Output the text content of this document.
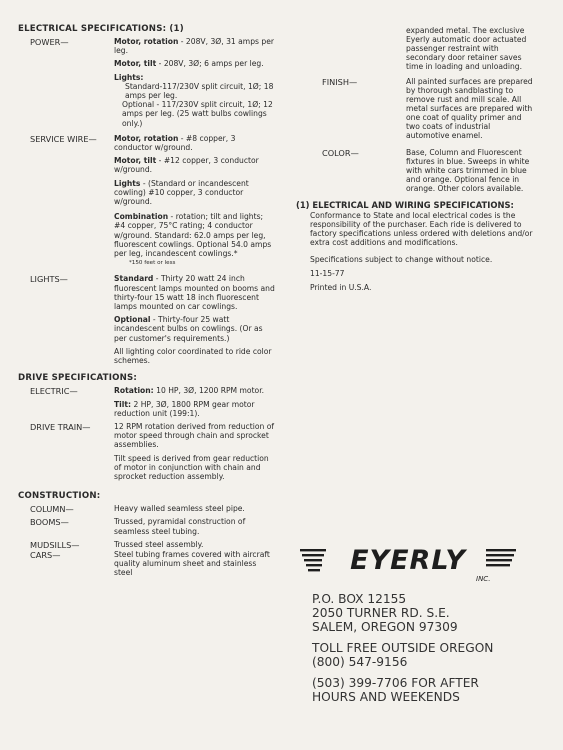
ELECTRICAL SPECIFICATIONS: (1)
POWER—	Motor, rotation - 208V, 3Ø, 31 amps per leg.
Motor, tilt - 208V, 3Ø; 6 amps per leg.
Lights:
Standard-117/230V split circuit, 1Ø; 18 amps per leg.
Optional - 117/230V split circuit, 1Ø; 12 amps per leg. (25 watt bulbs cowlings only.)
SERVICE WIRE—	Motor, rotation - #8 copper, 3 conductor w/ground.
Motor, tilt - #12 copper, 3 conductor w/ground.
Lights - (Standard or incandescent cowling) #10 copper, 3 conductor w/ground.
Combination - rotation; tilt and lights; #4 copper, 75°C rating; 4 conductor w/ground. Standard: 62.0 amps per leg, fluorescent cowlings. Optional 54.0 amps per leg, incandescent cowlings.*
*150 feet or less
LIGHTS—	Standard - Thirty 20 watt 24 inch fluorescent lamps mounted on booms and thirty-four 15 watt 18 inch fluorescent lamps mounted on car cowlings.
Optional - Thirty-four 25 watt incandescent bulbs on cowlings. (Or as per customer's requirements.)
All lighting color coordinated to ride color schemes.
DRIVE SPECIFICATIONS:
ELECTRIC—	Rotation: 10 HP, 3Ø, 1200 RPM motor.
Tilt: 2 HP, 3Ø, 1800 RPM gear motor reduction unit (199:1).
DRIVE TRAIN—	12 RPM rotation derived from reduction of motor speed through chain and sprocket assemblies.
Tilt speed is derived from gear reduction of motor in conjunction with chain and sprocket reduction assembly.
CONSTRUCTION:
COLUMN—	Heavy walled seamless steel pipe.
BOOMS—	Trussed, pyramidal construction of seamless steel tubing.
MUDSILLS—	Trussed steel assembly.
CARS—	Steel tubing frames covered with aircraft quality aluminum sheet and stainless steel
expanded metal. The exclusive Eyerly automatic door actuated passenger restraint with secondary door retainer saves time in loading and unloading.
FINISH—	All painted surfaces are prepared by thorough sandblasting to remove rust and mill scale. All metal surfaces are prepared with one coat of quality primer and two coats of industrial automotive enamel.
COLOR—	Base, Column and Fluorescent fixtures in blue. Sweeps in white with white cars trimmed in blue and orange. Optional fence in orange. Other colors available.
(1) ELECTRICAL AND WIRING SPECIFICATIONS:
Conformance to State and local electrical codes is the responsibility of the purchaser. Each ride is delivered to factory specifications unless ordered with deletions and/or extra cost additions and modifications.
Specifications subject to change without notice.
11-15-77
Printed in U.S.A.
EYERLY
INC.
P.O. BOX 12155
2050 TURNER RD. S.E.
SALEM, OREGON 97309
TOLL FREE OUTSIDE OREGON
(800) 547-9156
(503) 399-7706 FOR AFTER
HOURS AND WEEKENDS
